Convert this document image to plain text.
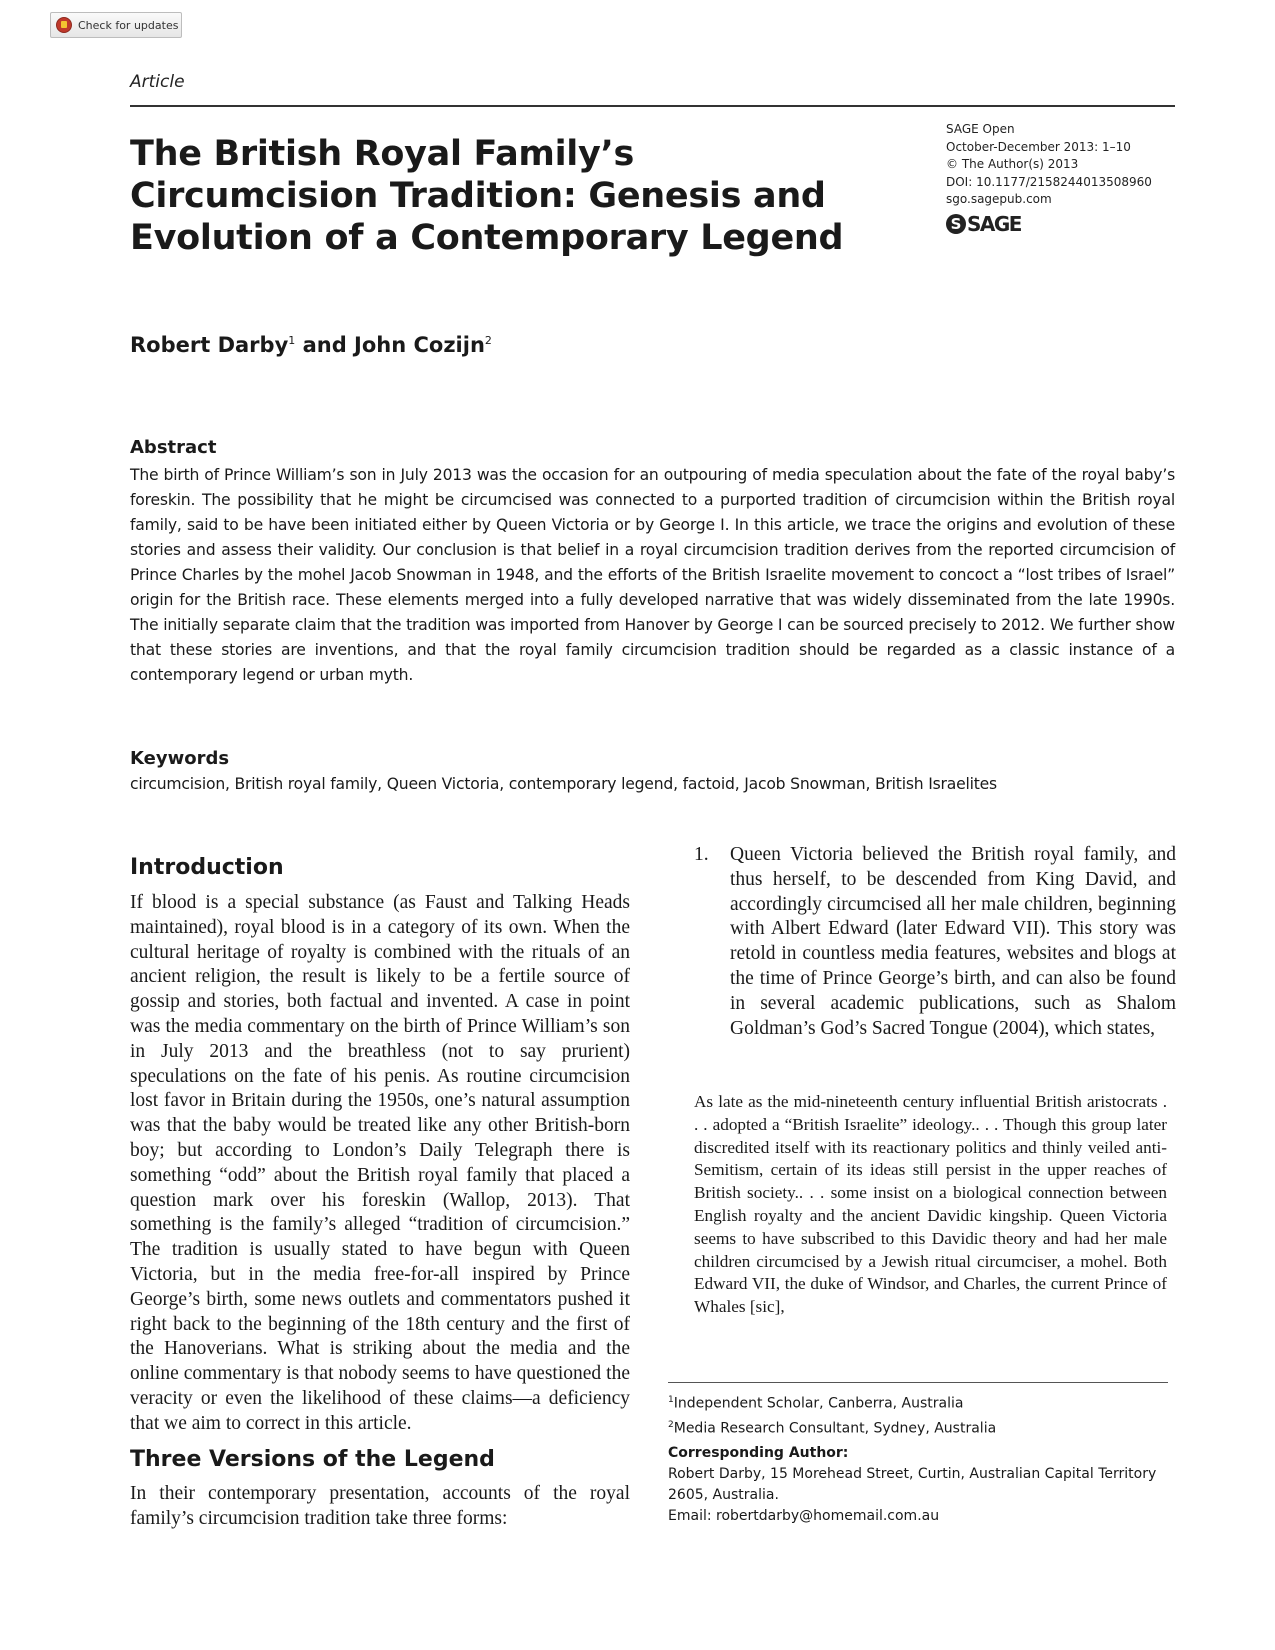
Check for updates
Article
The British Royal Family’s Circumcision Tradition: Genesis and Evolution of a Contemporary Legend
SAGE Open
October-December 2013: 1–10
© The Author(s) 2013
DOI: 10.1177/2158244013508960
sgo.sagepub.com
S SAGE
Robert Darby$^1$ and John Cozijn$^2$
Abstract

The birth of Prince William’s son in July 2013 was the occasion for an outpouring of media speculation about the fate of the royal baby’s foreskin. The possibility that he might be circumcised was connected to a purported tradition of circumcision within the British royal family, said to be have been initiated either by Queen Victoria or by George I. In this article, we trace the origins and evolution of these stories and assess their validity. Our conclusion is that belief in a royal circumcision tradition derives from the reported circumcision of Prince Charles by the mohel Jacob Snowman in 1948, and the efforts of the British Israelite movement to concoct a “lost tribes of Israel” origin for the British race. These elements merged into a fully developed narrative that was widely disseminated from the late 1990s. The initially separate claim that the tradition was imported from Hanover by George I can be sourced precisely to 2012. We further show that these stories are inventions, and that the royal family circumcision tradition should be regarded as a classic instance of a contemporary legend or urban myth.

Keywords

circumcision, British royal family, Queen Victoria, contemporary legend, factoid, Jacob Snowman, British Israelites

Introduction

If blood is a special substance (as Faust and Talking Heads maintained), royal blood is in a category of its own. When the cultural heritage of royalty is combined with the rituals of an ancient religion, the result is likely to be a fertile source of gossip and stories, both factual and invented. A case in point was the media commentary on the birth of Prince William’s son in July 2013 and the breathless (not to say prurient) speculations on the fate of his penis. As routine circumcision lost favor in Britain during the 1950s, one’s natural assumption was that the baby would be treated like any other British-born boy; but according to London’s Daily Telegraph there is something “odd” about the British royal family that placed a question mark over his foreskin (Wallop, 2013). That something is the family’s alleged “tradition of circumcision.” The tradition is usually stated to have begun with Queen Victoria, but in the media free-for-all inspired by Prince George’s birth, some news outlets and commentators pushed it right back to the beginning of the 18th century and the first of the Hanoverians. What is striking about the media and the online commentary is that nobody seems to have questioned the veracity or even the likelihood of these claims—a deficiency that we aim to correct in this article.

Three Versions of the Legend

In their contemporary presentation, accounts of the royal family’s circumcision tradition take three forms:

1.	Queen Victoria believed the British royal family, and thus herself, to be descended from King David, and accordingly circumcised all her male children, beginning with Albert Edward (later Edward VII). This story was retold in countless media features, websites and blogs at the time of Prince George’s birth, and can also be found in several academic publications, such as Shalom Goldman’s God’s Sacred Tongue (2004), which states,

As late as the mid-nineteenth century influential British aristocrats . . . adopted a “British Israelite” ideology.. . . Though this group later discredited itself with its reactionary politics and thinly veiled anti-Semitism, certain of its ideas still persist in the upper reaches of British society.. . . some insist on a biological connection between English royalty and the ancient Davidic kingship. Queen Victoria seems to have subscribed to this Davidic theory and had her male children circumcised by a Jewish ritual circumciser, a mohel. Both Edward VII, the duke of Windsor, and Charles, the current Prince of Whales [sic],

$^1$Independent Scholar, Canberra, Australia
$^2$Media Research Consultant, Sydney, Australia
Corresponding Author:
Robert Darby, 15 Morehead Street, Curtin, Australian Capital Territory 2605, Australia.
Email: robertdarby@homemail.com.au
